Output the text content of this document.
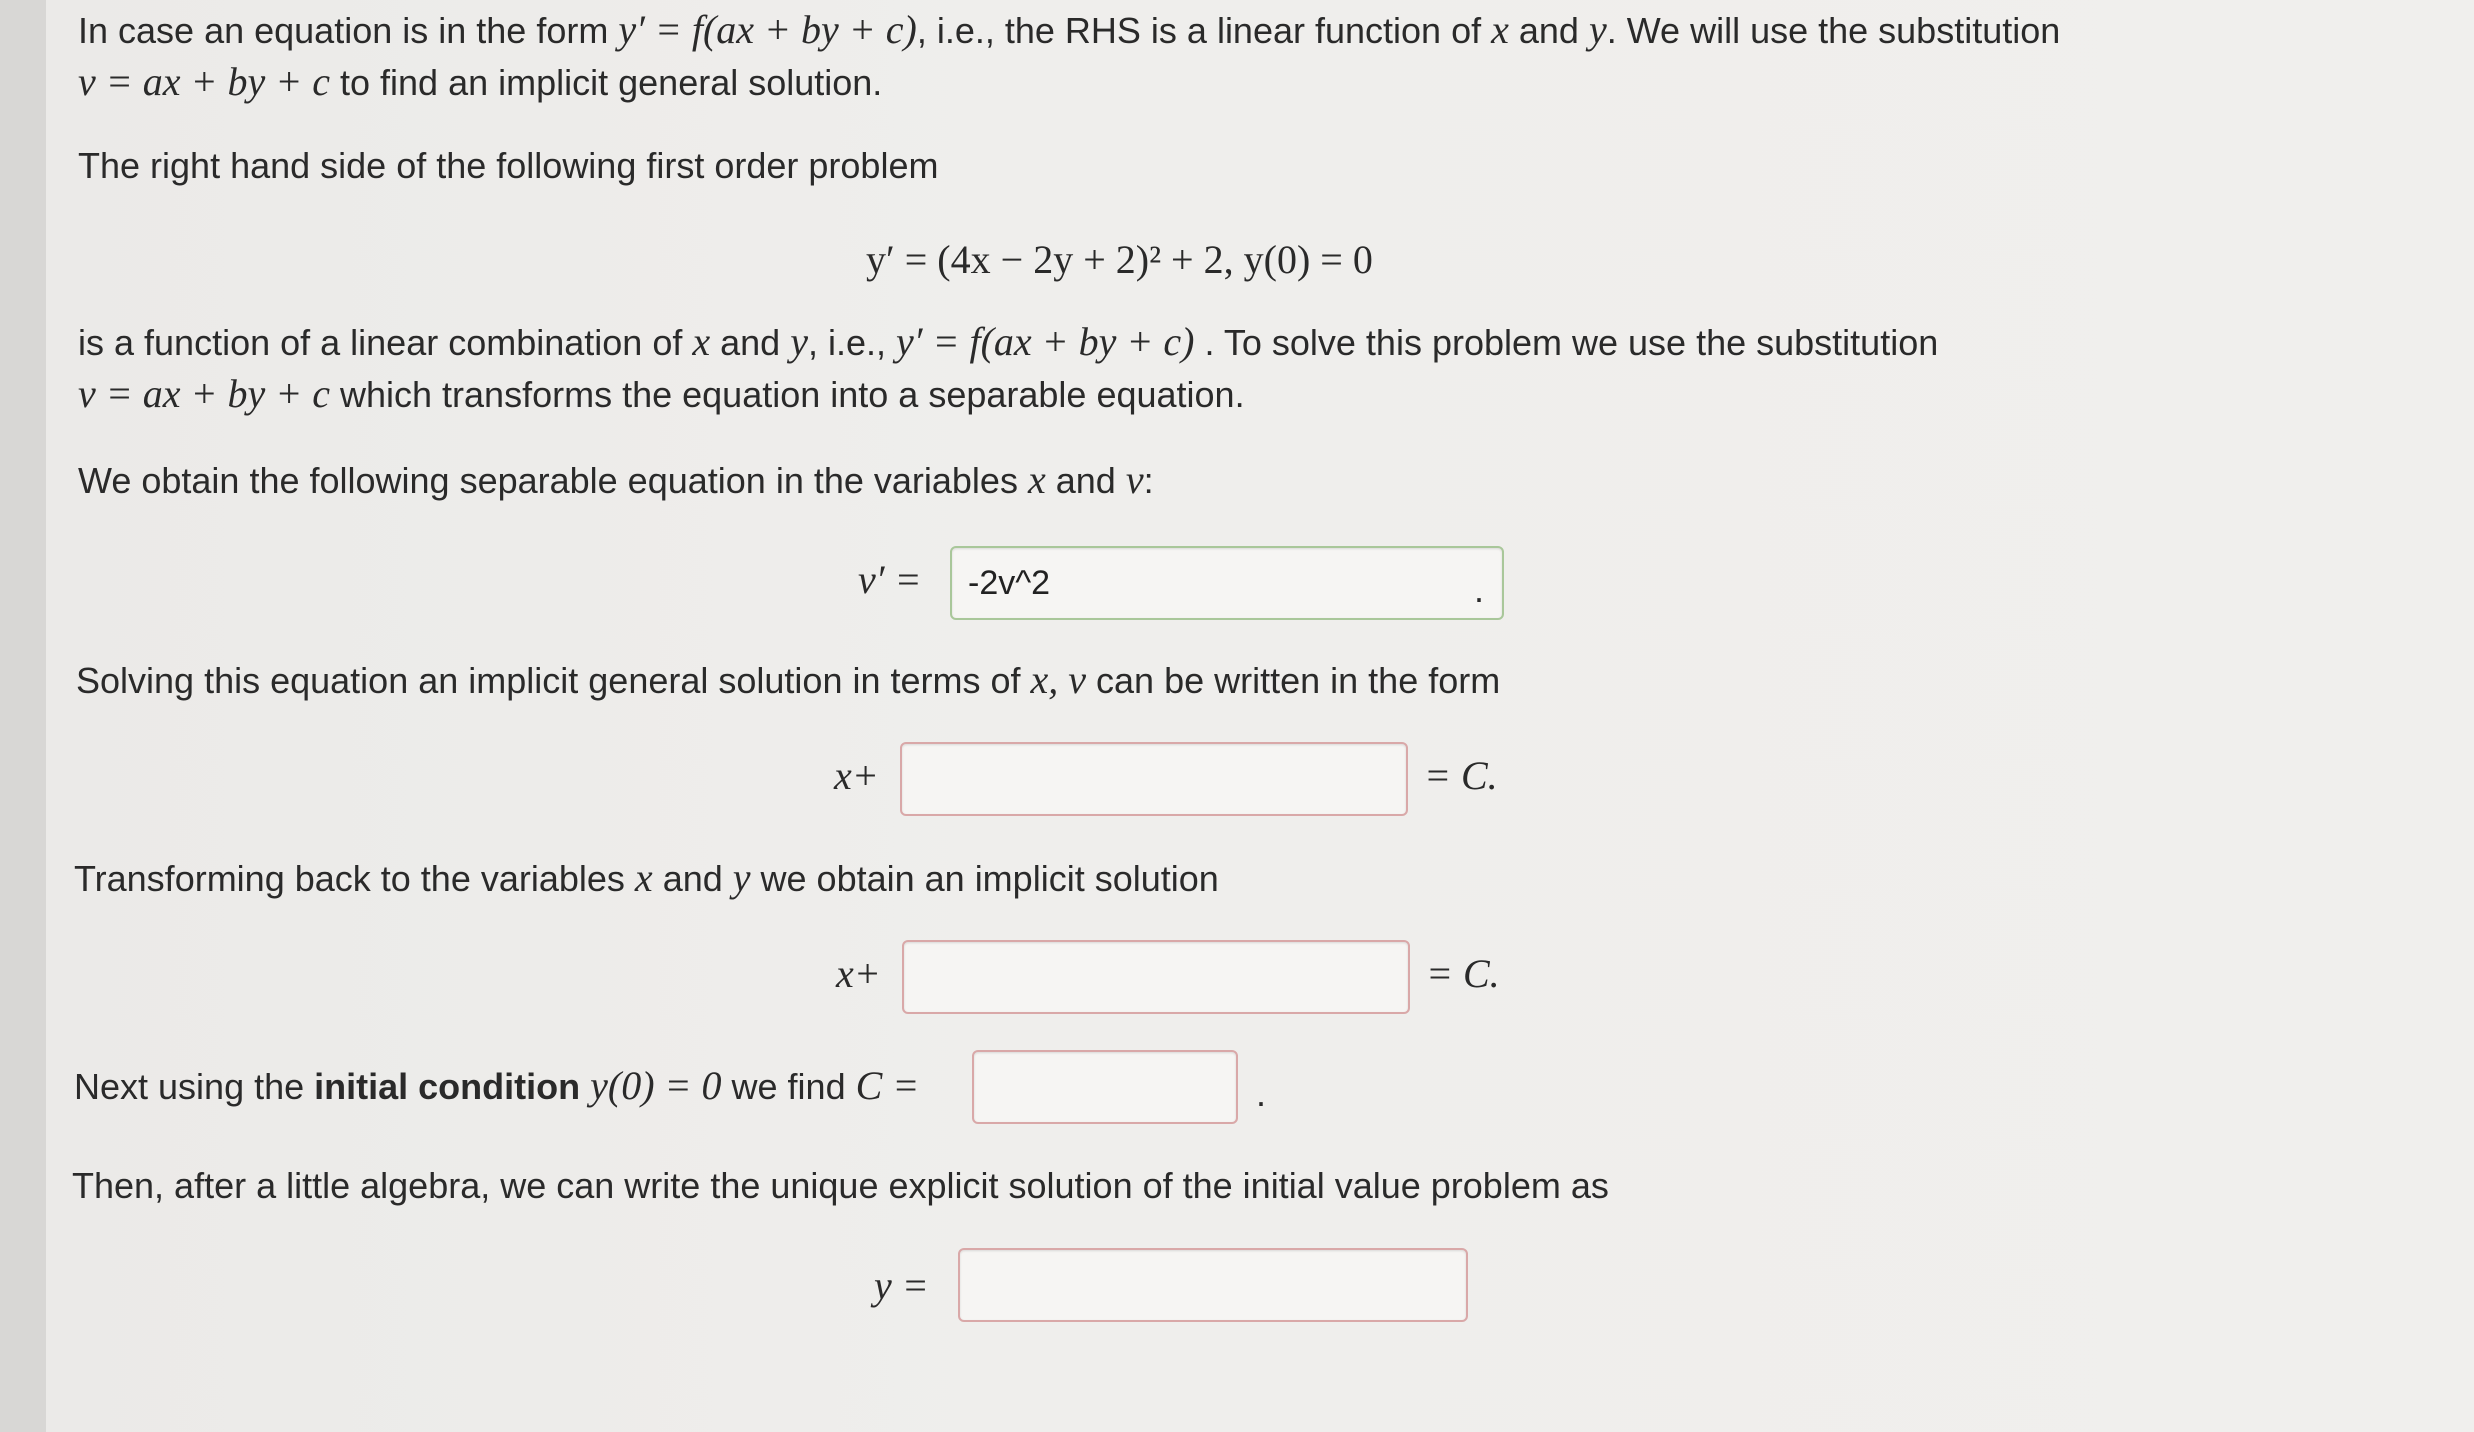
In case an equation is in the form y′ = f(ax + by + c), i.e., the RHS is a linear function of x and y. We will use the substitution
v = ax + by + c to find an implicit general solution.
The right hand side of the following first order problem
y′ = (4x − 2y + 2)² + 2, y(0) = 0
is a function of a linear combination of x and y, i.e., y′ = f(ax + by + c) . To solve this problem we use the substitution
v = ax + by + c which transforms the equation into a separable equation.
We obtain the following separable equation in the variables x and v:
v′ =
-2v^2	.
Solving this equation an implicit general solution in terms of x, v can be written in the form
x+	= C.
Transforming back to the variables x and y we obtain an implicit solution
x+	= C.
Next using the initial condition y(0) = 0 we find C =	.
Then, after a little algebra, we can write the unique explicit solution of the initial value problem as
y =
